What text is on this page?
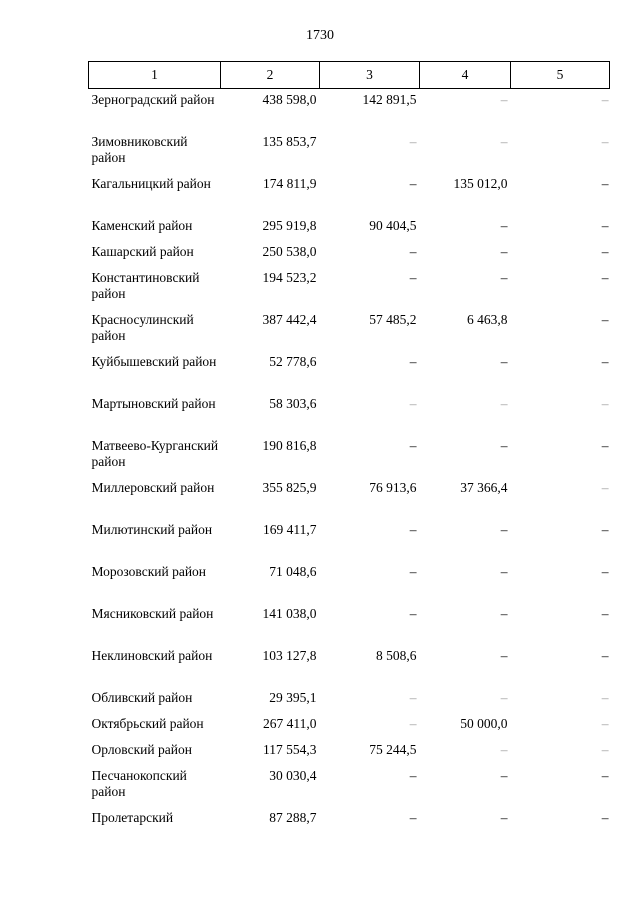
1730
1	2	3	4	5
Зерноградский район	438 598,0	142 891,5	–	–
Зимовниковский район	135 853,7	–	–	–
Кагальницкий район	174 811,9	–	135 012,0	–
Каменский район	295 919,8	90 404,5	–	–
Кашарский район	250 538,0	–	–	–
Константиновский район	194 523,2	–	–	–
Красносулинский район	387 442,4	57 485,2	6 463,8	–
Куйбышевский район	52 778,6	–	–	–
Мартыновский район	58 303,6	–	–	–
Матвеево-Курганский район	190 816,8	–	–	–
Миллеровский район	355 825,9	76 913,6	37 366,4	–
Милютинский район	169 411,7	–	–	–
Морозовский район	71 048,6	–	–	–
Мясниковский район	141 038,0	–	–	–
Неклиновский район	103 127,8	8 508,6	–	–
Обливский район	29 395,1	–	–	–
Октябрьский район	267 411,0	–	50 000,0	–
Орловский район	117 554,3	75 244,5	–	–
Песчанокопский район	30 030,4	–	–	–
Пролетарский	87 288,7	–	–	–
